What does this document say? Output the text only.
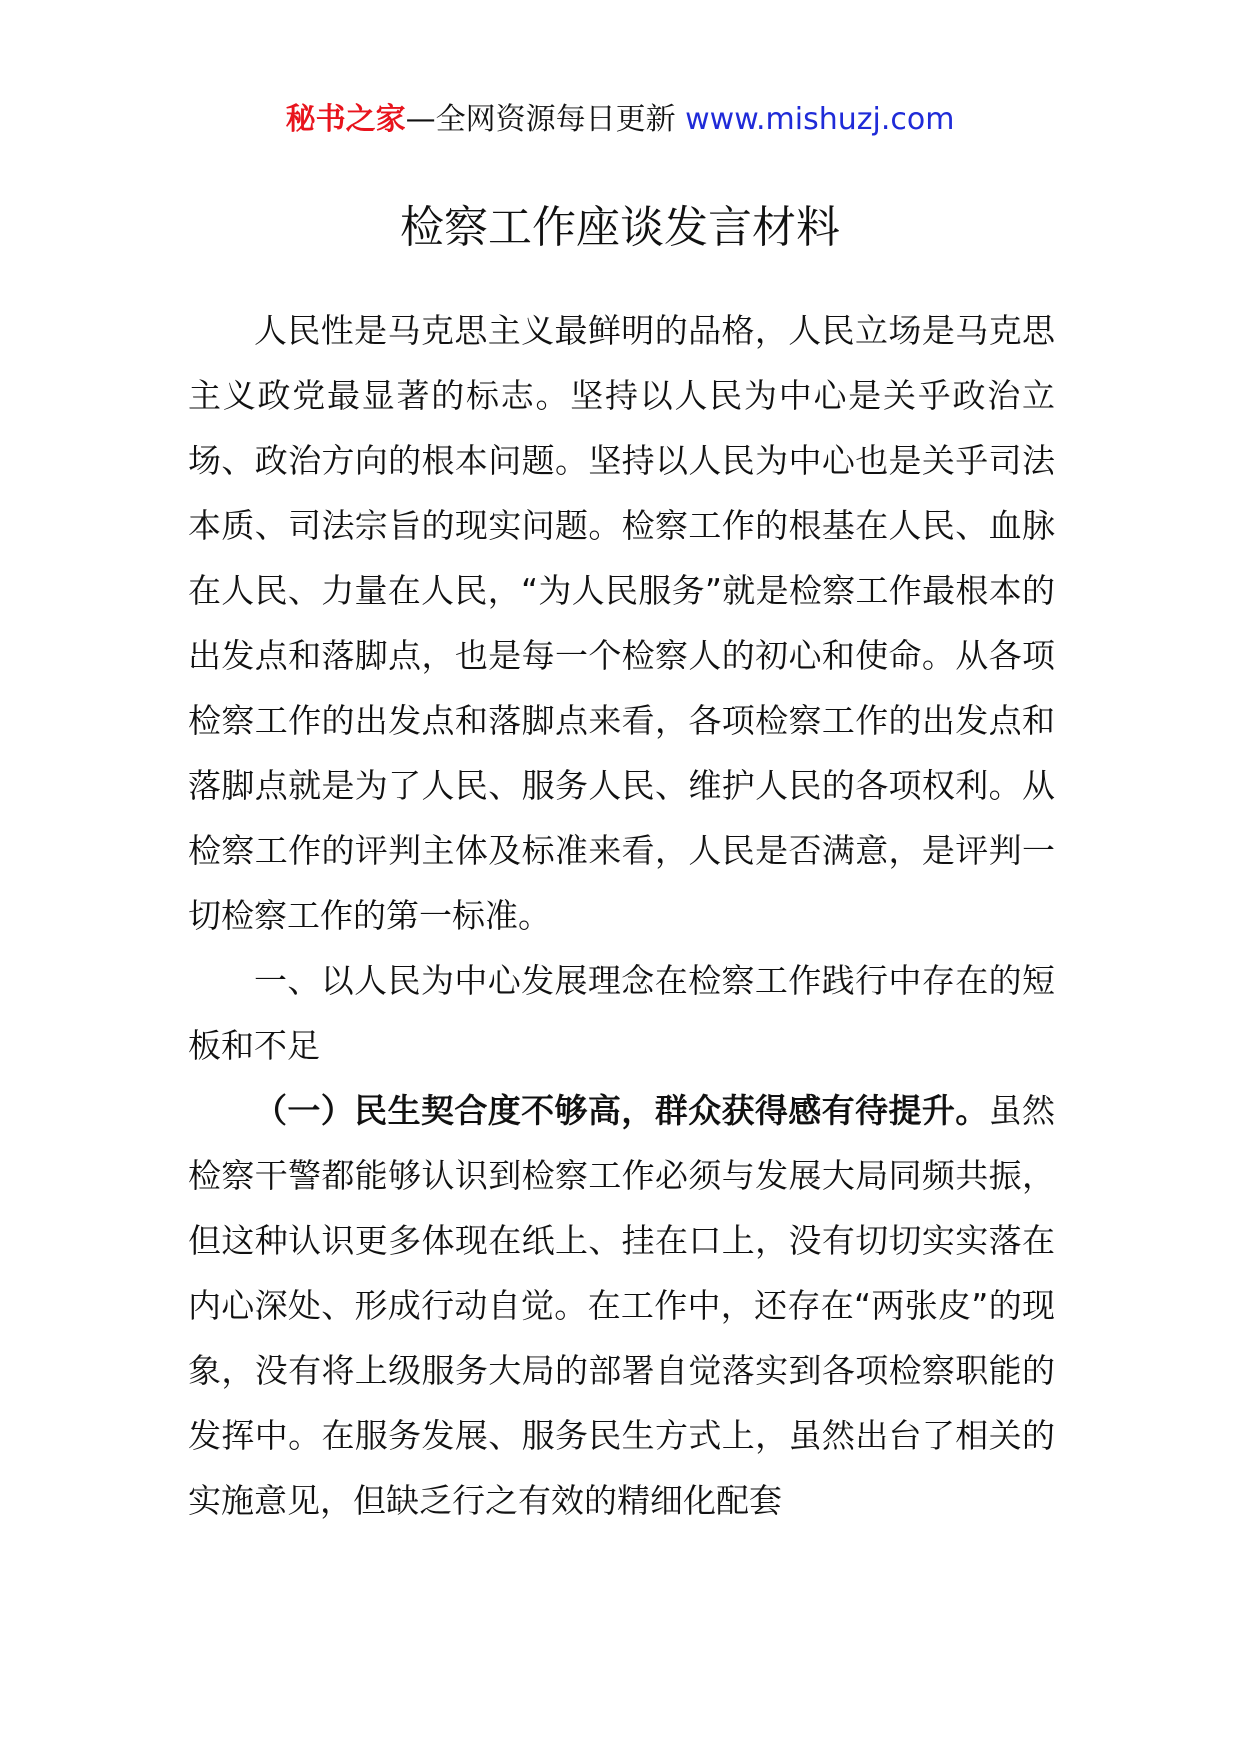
秘书之家—全网资源每日更新 www.mishuzj.com
检察工作座谈发言材料

人民性是马克思主义最鲜明的品格，人民立场是马克思主义政党最显著的标志。坚持以人民为中心是关乎政治立场、政治方向的根本问题。坚持以人民为中心也是关乎司法本质、司法宗旨的现实问题。检察工作的根基在人民、血脉在人民、力量在人民，“为人民服务”就是检察工作最根本的出发点和落脚点，也是每一个检察人的初心和使命。从各项检察工作的出发点和落脚点来看，各项检察工作的出发点和落脚点就是为了人民、服务人民、维护人民的各项权利。从检察工作的评判主体及标准来看，人民是否满意，是评判一切检察工作的第一标准。

一、以人民为中心发展理念在检察工作践行中存在的短板和不足

（一）民生契合度不够高，群众获得感有待提升。虽然检察干警都能够认识到检察工作必须与发展大局同频共振，但这种认识更多体现在纸上、挂在口上，没有切切实实落在内心深处、形成行动自觉。在工作中，还存在“两张皮”的现象，没有将上级服务大局的部署自觉落实到各项检察职能的发挥中。在服务发展、服务民生方式上，虽然出台了相关的实施意见，但缺乏行之有效的精细化配套
